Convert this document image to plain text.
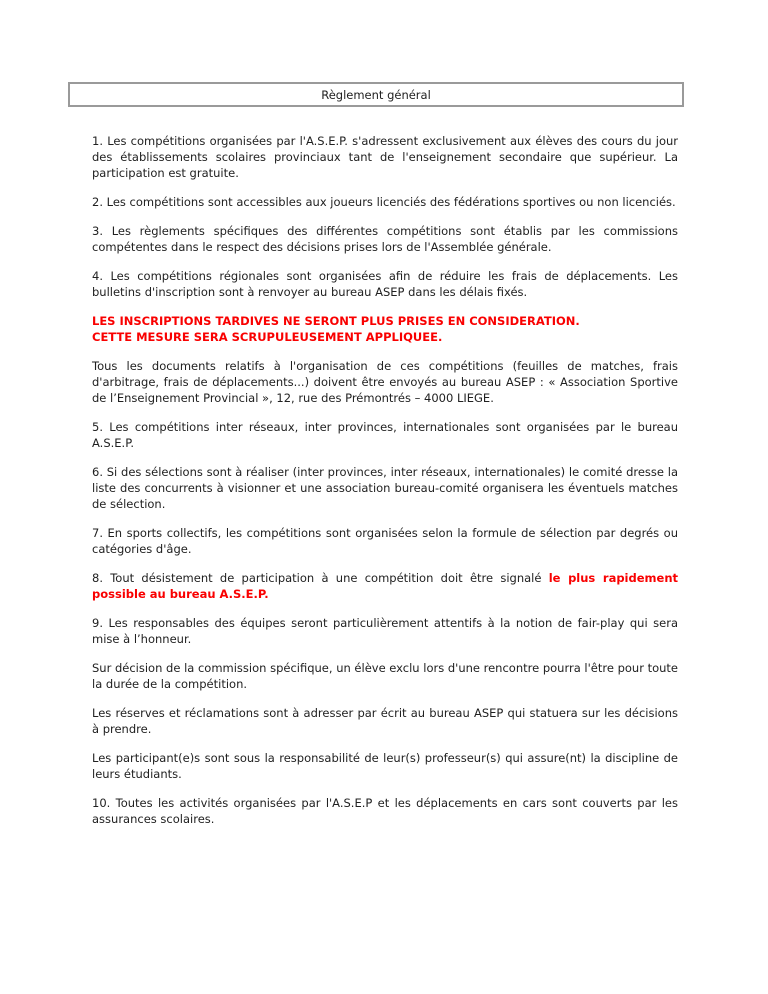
Règlement général

1. Les compétitions organisées par l'A.S.E.P. s'adressent exclusivement aux élèves des cours du jour des établissements scolaires provinciaux tant de l'enseignement secondaire que supérieur. La participation est gratuite.

2. Les compétitions sont accessibles aux joueurs licenciés des fédérations sportives ou non licenciés.

3. Les règlements spécifiques des différentes compétitions sont établis par les commissions compétentes dans le respect des décisions prises lors de l'Assemblée générale.

4. Les compétitions régionales sont organisées afin de réduire les frais de déplacements. Les bulletins d'inscription sont à renvoyer au bureau ASEP dans les délais fixés.

LES INSCRIPTIONS TARDIVES NE SERONT PLUS PRISES EN CONSIDERATION.
CETTE MESURE SERA SCRUPULEUSEMENT APPLIQUEE.

Tous les documents relatifs à l'organisation de ces compétitions (feuilles de matches, frais d'arbitrage, frais de déplacements...) doivent être envoyés au bureau ASEP : « Association Sportive de l’Enseignement Provincial », 12, rue des Prémontrés – 4000 LIEGE.

5. Les compétitions inter réseaux, inter provinces, internationales sont organisées par le bureau A.S.E.P.

6. Si des sélections sont à réaliser (inter provinces, inter réseaux, internationales) le comité dresse la liste des concurrents à visionner et une association bureau-comité organisera les éventuels matches de sélection.

7. En sports collectifs, les compétitions sont organisées selon la formule de sélection par degrés ou catégories d'âge.

8. Tout désistement de participation à une compétition doit être signalé le plus rapidement possible au bureau A.S.E.P.

9. Les responsables des équipes seront particulièrement attentifs à la notion de fair-play qui sera mise à l’honneur.

Sur décision de la commission spécifique, un élève exclu lors d'une rencontre pourra l'être pour toute la durée de la compétition.

Les réserves et réclamations sont à adresser par écrit au bureau ASEP qui statuera sur les décisions à prendre.

Les participant(e)s sont sous la responsabilité de leur(s) professeur(s) qui assure(nt) la discipline de leurs étudiants.

10. Toutes les activités organisées par l'A.S.E.P et les déplacements en cars sont couverts par les assurances scolaires.
